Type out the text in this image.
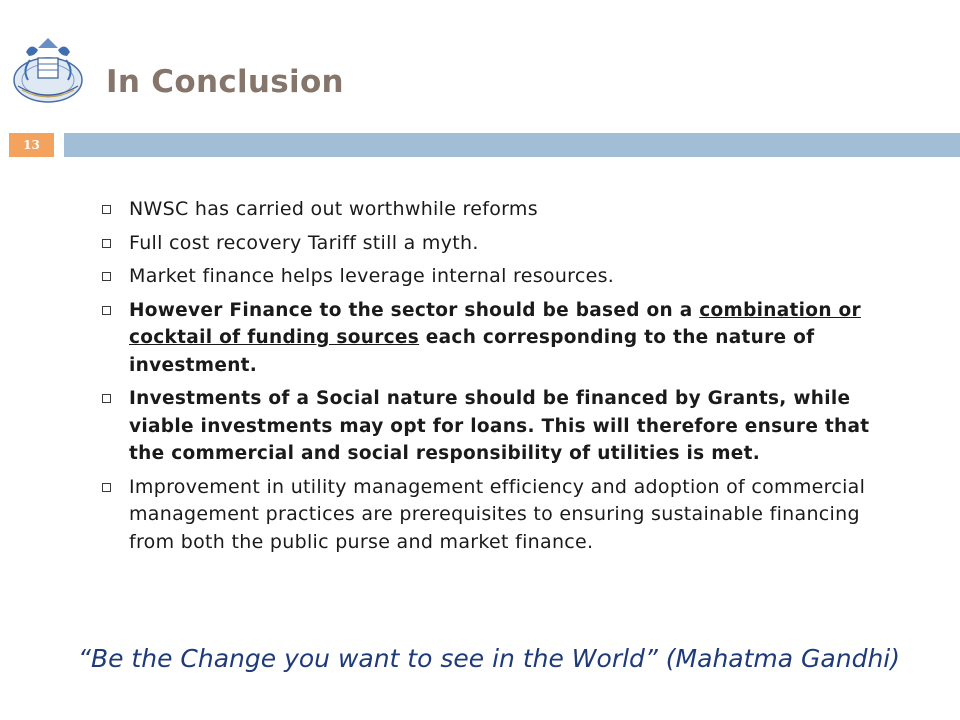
In Conclusion
13
NWSC has carried out worthwhile reforms
Full cost recovery Tariff still a myth.
Market finance helps leverage internal resources.
However Finance to the sector should be based on a combination or cocktail of funding sources each corresponding to the nature of investment.
Investments of a Social nature should be financed by Grants, while viable investments may opt for loans. This will therefore ensure that the commercial and social responsibility of utilities is met.
Improvement in utility management efficiency and adoption of commercial management practices are prerequisites to ensuring sustainable financing from both the public purse and market finance.
“Be the Change you want to see in the World” (Mahatma Gandhi)
